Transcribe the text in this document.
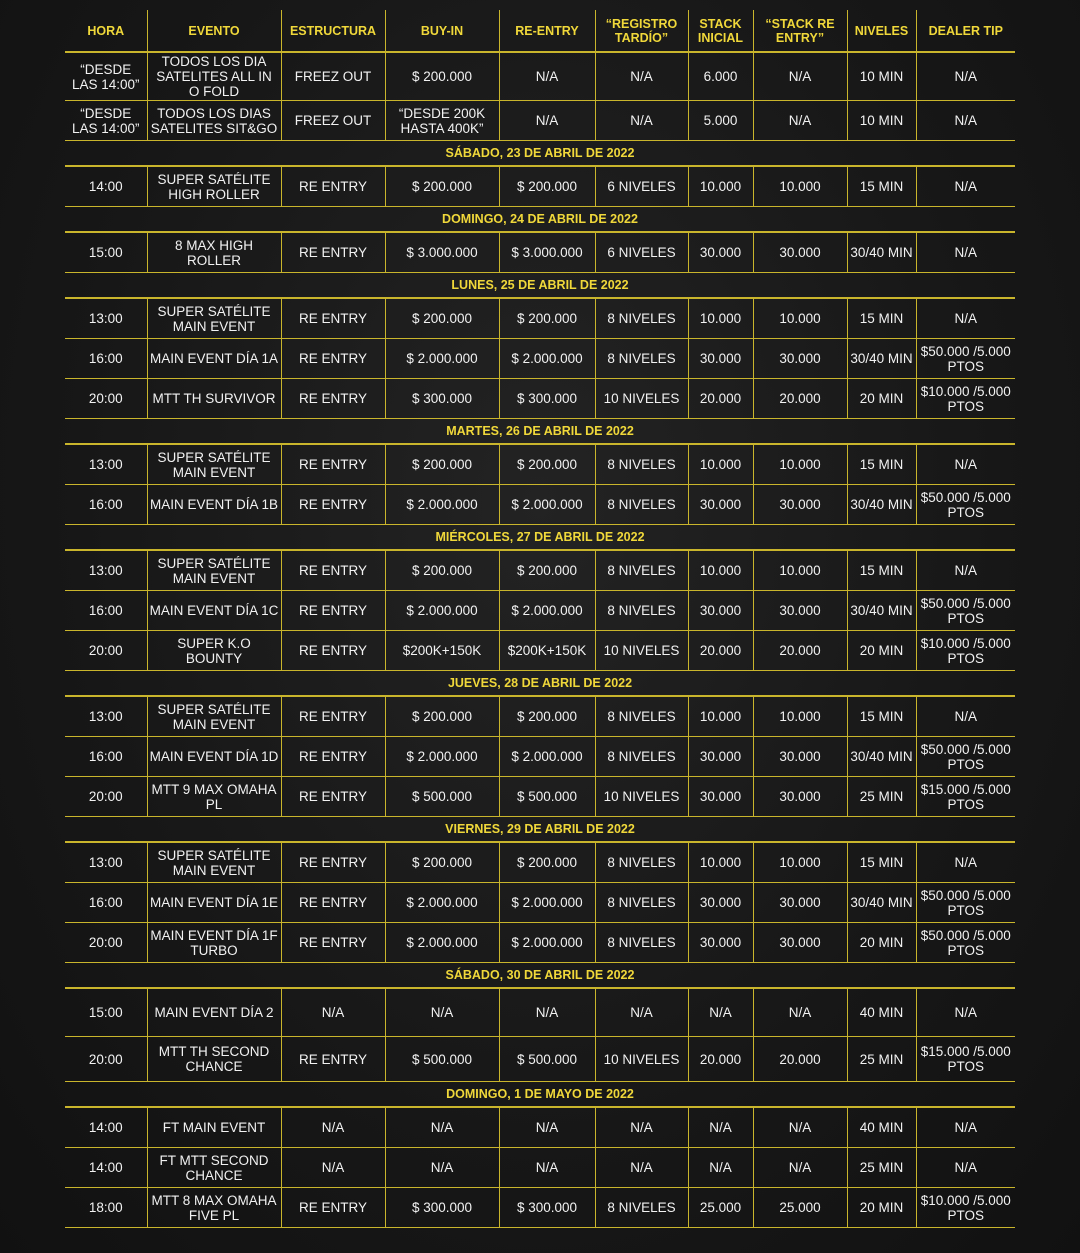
HORA	EVENTO	ESTRUCTURA	BUY-IN	RE-ENTRY	“REGISTRO TARDÍO”	STACK INICIAL	“STACK RE ENTRY”	NIVELES	DEALER TIP
“DESDE LAS 14:00”	TODOS LOS DIA SATELITES ALL IN O FOLD	FREEZ OUT	$ 200.000	N/A	N/A	6.000	N/A	10 MIN	N/A
“DESDE LAS 14:00”	TODOS LOS DIAS SATELITES SIT&GO	FREEZ OUT	“DESDE 200K HASTA 400K”	N/A	N/A	5.000	N/A	10 MIN	N/A
SÁBADO, 23 DE ABRIL DE 2022									
14:00	SUPER SATÉLITE HIGH ROLLER	RE ENTRY	$ 200.000	$ 200.000	6 NIVELES	10.000	10.000	15 MIN	N/A
DOMINGO, 24 DE ABRIL DE 2022									
15:00	8 MAX HIGH ROLLER	RE ENTRY	$ 3.000.000	$ 3.000.000	6 NIVELES	30.000	30.000	30/40 MIN	N/A
LUNES, 25 DE ABRIL DE 2022									
13:00	SUPER SATÉLITE MAIN EVENT	RE ENTRY	$ 200.000	$ 200.000	8 NIVELES	10.000	10.000	15 MIN	N/A
16:00	MAIN EVENT DÍA 1A	RE ENTRY	$ 2.000.000	$ 2.000.000	8 NIVELES	30.000	30.000	30/40 MIN	$50.000 /5.000 PTOS
20:00	MTT TH SURVIVOR	RE ENTRY	$ 300.000	$ 300.000	10 NIVELES	20.000	20.000	20 MIN	$10.000 /5.000 PTOS
MARTES, 26 DE ABRIL DE 2022									
13:00	SUPER SATÉLITE MAIN EVENT	RE ENTRY	$ 200.000	$ 200.000	8 NIVELES	10.000	10.000	15 MIN	N/A
16:00	MAIN EVENT DÍA 1B	RE ENTRY	$ 2.000.000	$ 2.000.000	8 NIVELES	30.000	30.000	30/40 MIN	$50.000 /5.000 PTOS
MIÉRCOLES, 27 DE ABRIL DE 2022									
13:00	SUPER SATÉLITE MAIN EVENT	RE ENTRY	$ 200.000	$ 200.000	8 NIVELES	10.000	10.000	15 MIN	N/A
16:00	MAIN EVENT DÍA 1C	RE ENTRY	$ 2.000.000	$ 2.000.000	8 NIVELES	30.000	30.000	30/40 MIN	$50.000 /5.000 PTOS
20:00	SUPER K.O BOUNTY	RE ENTRY	$200K+150K	$200K+150K	10 NIVELES	20.000	20.000	20 MIN	$10.000 /5.000 PTOS
JUEVES, 28 DE ABRIL DE 2022									
13:00	SUPER SATÉLITE MAIN EVENT	RE ENTRY	$ 200.000	$ 200.000	8 NIVELES	10.000	10.000	15 MIN	N/A
16:00	MAIN EVENT DÍA 1D	RE ENTRY	$ 2.000.000	$ 2.000.000	8 NIVELES	30.000	30.000	30/40 MIN	$50.000 /5.000 PTOS
20:00	MTT 9 MAX OMAHA PL	RE ENTRY	$ 500.000	$ 500.000	10 NIVELES	30.000	30.000	25 MIN	$15.000 /5.000 PTOS
VIERNES, 29 DE ABRIL DE 2022									
13:00	SUPER SATÉLITE MAIN EVENT	RE ENTRY	$ 200.000	$ 200.000	8 NIVELES	10.000	10.000	15 MIN	N/A
16:00	MAIN EVENT DÍA 1E	RE ENTRY	$ 2.000.000	$ 2.000.000	8 NIVELES	30.000	30.000	30/40 MIN	$50.000 /5.000 PTOS
20:00	MAIN EVENT DÍA 1F TURBO	RE ENTRY	$ 2.000.000	$ 2.000.000	8 NIVELES	30.000	30.000	20 MIN	$50.000 /5.000 PTOS
SÁBADO, 30 DE ABRIL DE 2022									
15:00	MAIN EVENT DÍA 2	N/A	N/A	N/A	N/A	N/A	N/A	40 MIN	N/A
20:00	MTT TH SECOND CHANCE	RE ENTRY	$ 500.000	$ 500.000	10 NIVELES	20.000	20.000	25 MIN	$15.000 /5.000 PTOS
DOMINGO, 1 DE MAYO DE 2022									
14:00	FT MAIN EVENT	N/A	N/A	N/A	N/A	N/A	N/A	40 MIN	N/A
14:00	FT MTT SECOND CHANCE	N/A	N/A	N/A	N/A	N/A	N/A	25 MIN	N/A
18:00	MTT 8 MAX OMAHA FIVE PL	RE ENTRY	$ 300.000	$ 300.000	8 NIVELES	25.000	25.000	20 MIN	$10.000 /5.000 PTOS
